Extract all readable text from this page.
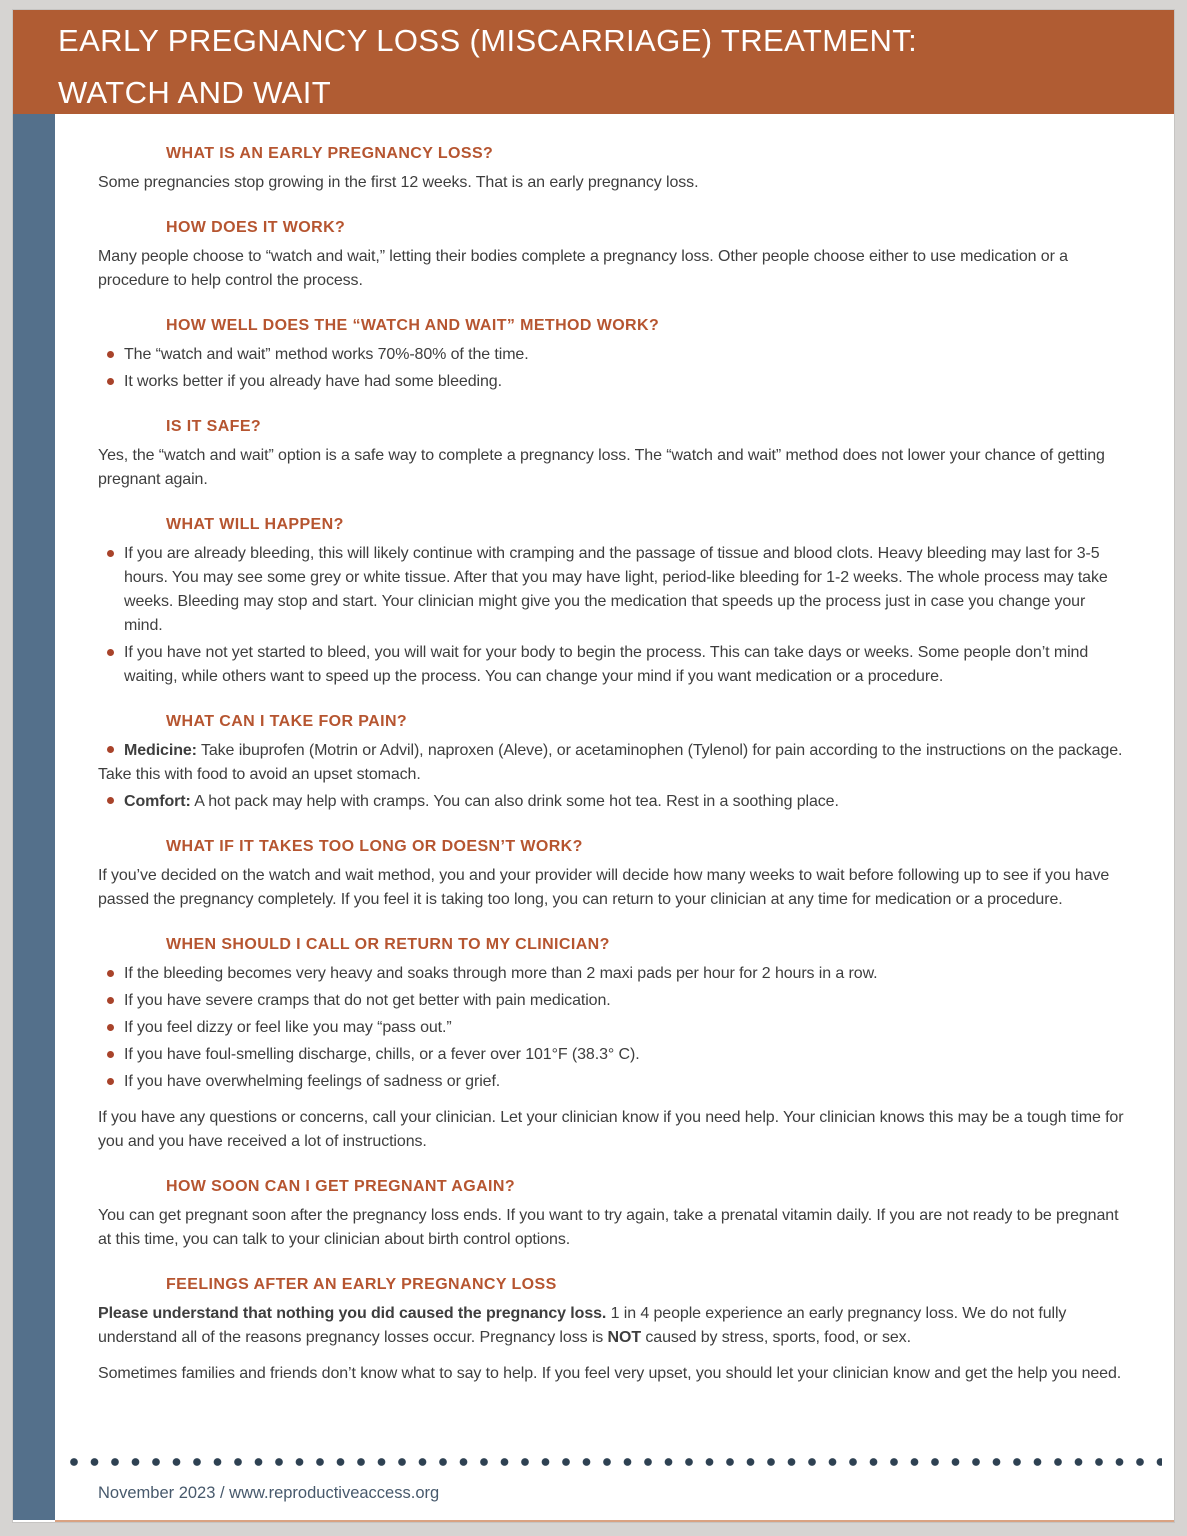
EARLY PREGNANCY LOSS (MISCARRIAGE) TREATMENT:
WATCH AND WAIT
WHAT IS AN EARLY PREGNANCY LOSS?

Some pregnancies stop growing in the first 12 weeks. That is an early pregnancy loss.

HOW DOES IT WORK?

Many people choose to “watch and wait,” letting their bodies complete a pregnancy loss. Other people choose either to use medication or a procedure to help control the process.

HOW WELL DOES THE “WATCH AND WAIT” METHOD WORK?
The “watch and wait” method works 70%-80% of the time.
It works better if you already have had some bleeding.
IS IT SAFE?

Yes, the “watch and wait” option is a safe way to complete a pregnancy loss. The “watch and wait” method does not lower your chance of getting pregnant again.

WHAT WILL HAPPEN?
If you are already bleeding, this will likely continue with cramping and the passage of tissue and blood clots. Heavy bleeding may last for 3-5 hours. You may see some grey or white tissue. After that you may have light, period-like bleeding for 1-2 weeks. The whole process may take weeks. Bleeding may stop and start. Your clinician might give you the medication that speeds up the process just in case you change your mind.
If you have not yet started to bleed, you will wait for your body to begin the process. This can take days or weeks. Some people don’t mind waiting, while others want to speed up the process. You can change your mind if you want medication or a procedure.
WHAT CAN I TAKE FOR PAIN?
Medicine: Take ibuprofen (Motrin or Advil), naproxen (Aleve), or acetaminophen (Tylenol) for pain according to the instructions on the package. Take this with food to avoid an upset stomach.
Comfort: A hot pack may help with cramps. You can also drink some hot tea. Rest in a soothing place.
WHAT IF IT TAKES TOO LONG OR DOESN’T WORK?

If you’ve decided on the watch and wait method, you and your provider will decide how many weeks to wait before following up to see if you have passed the pregnancy completely. If you feel it is taking too long, you can return to your clinician at any time for medication or a procedure.

WHEN SHOULD I CALL OR RETURN TO MY CLINICIAN?
If the bleeding becomes very heavy and soaks through more than 2 maxi pads per hour for 2 hours in a row.
If you have severe cramps that do not get better with pain medication.
If you feel dizzy or feel like you may “pass out.”
If you have foul-smelling discharge, chills, or a fever over 101°F (38.3° C).
If you have overwhelming feelings of sadness or grief.

If you have any questions or concerns, call your clinician. Let your clinician know if you need help. Your clinician knows this may be a tough time for you and you have received a lot of instructions.

HOW SOON CAN I GET PREGNANT AGAIN?

You can get pregnant soon after the pregnancy loss ends. If you want to try again, take a prenatal vitamin daily. If you are not ready to be pregnant at this time, you can talk to your clinician about birth control options.

FEELINGS AFTER AN EARLY PREGNANCY LOSS

Please understand that nothing you did caused the pregnancy loss. 1 in 4 people experience an early pregnancy loss. We do not fully understand all of the reasons pregnancy losses occur. Pregnancy loss is NOT caused by stress, sports, food, or sex.

Sometimes families and friends don’t know what to say to help. If you feel very upset, you should let your clinician know and get the help you need.

November 2023 / www.reproductiveaccess.org
